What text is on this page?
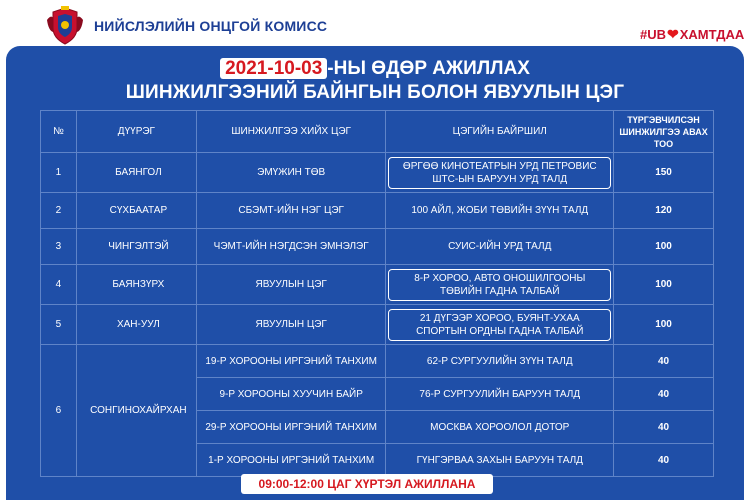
НИЙСЛЭЛИЙН ОНЦГОЙ КОМИСС
#UB ❤ ХАМТДАА
2021-10-03 -НЫ ӨДӨР АЖИЛЛАХ
ШИНЖИЛГЭЭНИЙ БАЙНГЫН БОЛОН ЯВУУЛЫН ЦЭГ
№	ДҮҮРЭГ	ШИНЖИЛГЭЭ ХИЙХ ЦЭГ	ЦЭГИЙН БАЙРШИЛ	ТҮРГЭВЧИЛСЭН ШИНЖИЛГЭЭ АВАХ ТОО
1	БАЯНГОЛ	ЭМҮЖИН ТӨВ	ӨРГӨӨ КИНОТЕАТРЫН УРД ПЕТРОВИС ШТС-ЫН БАРУУН УРД ТАЛД	150
2	СҮХБААТАР	СБЭМТ-ИЙН НЭГ ЦЭГ	100 АЙЛ, ЖОБИ ТӨВИЙН ЗҮҮН ТАЛД	120
3	ЧИНГЭЛТЭЙ	ЧЭМТ-ИЙН НЭГДСЭН ЭМНЭЛЭГ	СУИС-ИЙН УРД ТАЛД	100
4	БАЯНЗҮРХ	ЯВУУЛЫН ЦЭГ	8-Р ХОРОО, АВТО ОНОШИЛГООНЫ ТӨВИЙН ГАДНА ТАЛБАЙ	100
5	ХАН-УУЛ	ЯВУУЛЫН ЦЭГ	21 ДҮГЭЭР ХОРОО, БУЯНТ-УХАА СПОРТЫН ОРДНЫ ГАДНА ТАЛБАЙ	100
6	СОНГИНОХАЙРХАН	19-Р ХОРООНЫ ИРГЭНИЙ ТАНХИМ	62-Р СУРГУУЛИЙН ЗҮҮН ТАЛД	40
		9-Р ХОРООНЫ ХУУЧИН БАЙР	76-Р СУРГУУЛИЙН БАРУУН ТАЛД	40
		29-Р ХОРООНЫ ИРГЭНИЙ ТАНХИМ	МОСКВА ХОРООЛОЛ ДОТОР	40
		1-Р ХОРООНЫ ИРГЭНИЙ ТАНХИМ	ГҮНГЭРВАА ЗАХЫН БАРУУН ТАЛД	40
09:00-12:00 ЦАГ ХҮРТЭЛ АЖИЛЛАНА
